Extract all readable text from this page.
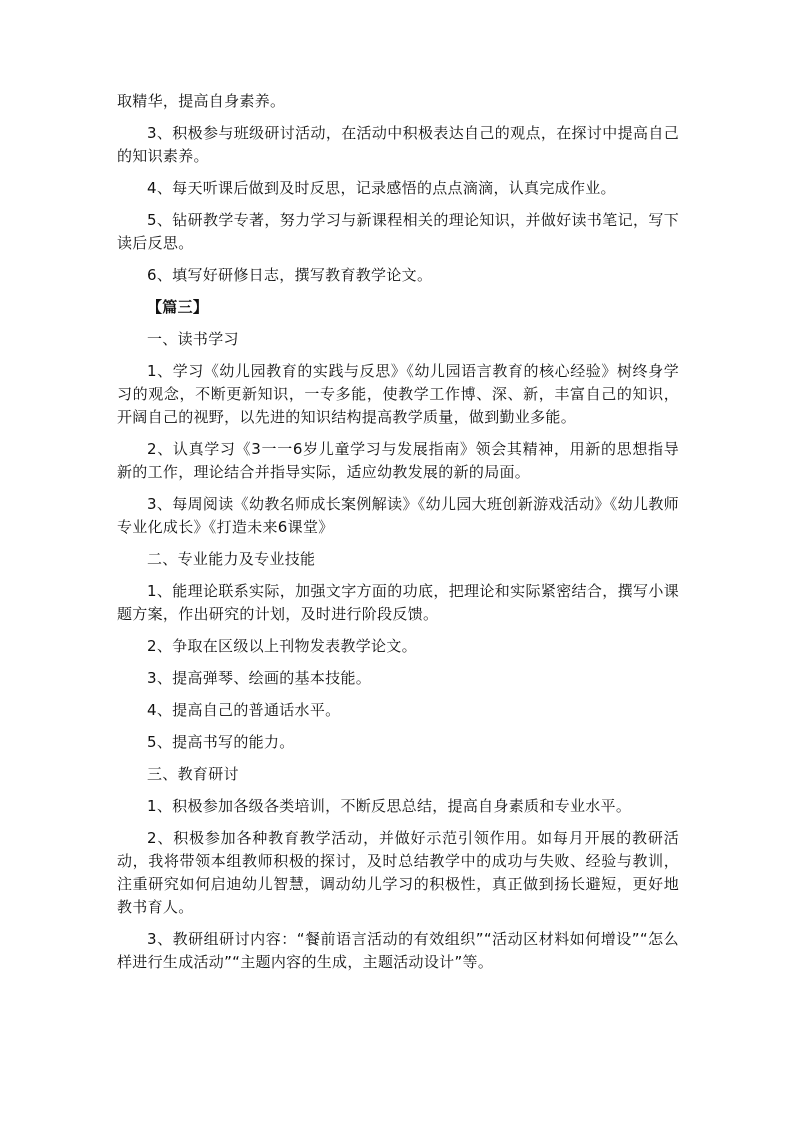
取精华，提高自身素养。

3、积极参与班级研讨活动，在活动中积极表达自己的观点，在探讨中提高自己的知识素养。

4、每天听课后做到及时反思，记录感悟的点点滴滴，认真完成作业。

5、钻研教学专著，努力学习与新课程相关的理论知识，并做好读书笔记，写下读后反思。

6、填写好研修日志，撰写教育教学论文。

【篇三】

一、读书学习

1、学习《幼儿园教育的实践与反思》《幼儿园语言教育的核心经验》树终身学习的观念，不断更新知识，一专多能，使教学工作博、深、新，丰富自己的知识，开阔自己的视野，以先进的知识结构提高教学质量，做到勤业多能。

2、认真学习《3一一6岁儿童学习与发展指南》领会其精神，用新的思想指导新的工作，理论结合并指导实际，适应幼教发展的新的局面。

3、每周阅读《幼教名师成长案例解读》《幼儿园大班创新游戏活动》《幼儿教师专业化成长》《打造未来6课堂》

二、专业能力及专业技能

1、能理论联系实际，加强文字方面的功底，把理论和实际紧密结合，撰写小课题方案，作出研究的计划，及时进行阶段反馈。

2、争取在区级以上刊物发表教学论文。

3、提高弹琴、绘画的基本技能。

4、提高自己的普通话水平。

5、提高书写的能力。

三、教育研讨

1、积极参加各级各类培训，不断反思总结，提高自身素质和专业水平。

2、积极参加各种教育教学活动，并做好示范引领作用。如每月开展的教研活动，我将带领本组教师积极的探讨，及时总结教学中的成功与失败、经验与教训，注重研究如何启迪幼儿智慧，调动幼儿学习的积极性，真正做到扬长避短，更好地教书育人。

3、教研组研讨内容：“餐前语言活动的有效组织”“活动区材料如何增设”“怎么样进行生成活动”“主题内容的生成，主题活动设计”等。
